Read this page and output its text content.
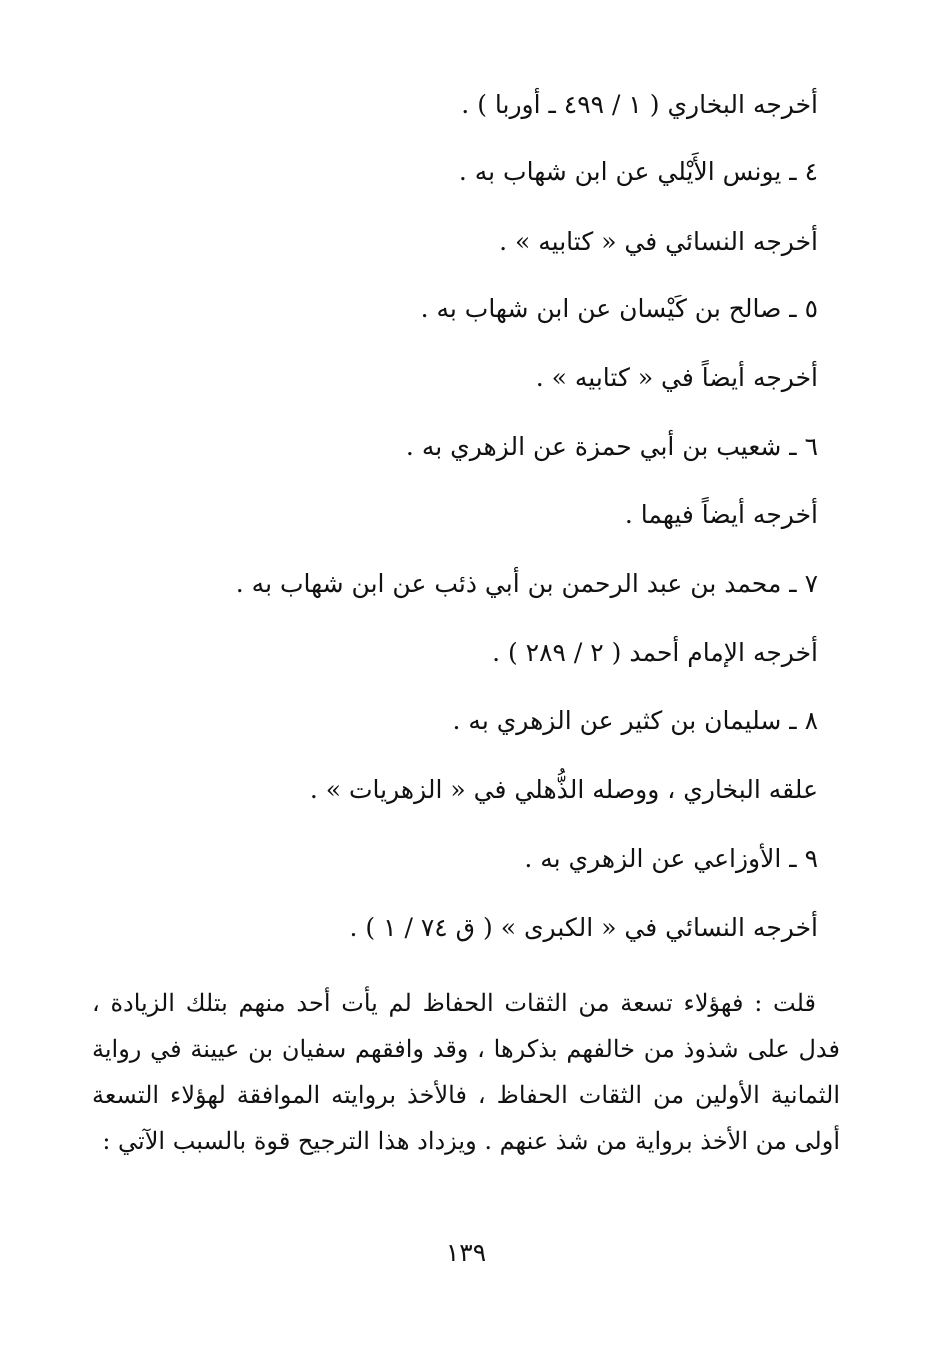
أخرجه البخاري ( ١ / ٤٩٩ ـ أوربا ) .
٤ ـ يونس الأَيْلي عن ابن شهاب به .
أخرجه النسائي في « كتابيه » .
٥ ـ صالح بن كَيْسان عن ابن شهاب به .
أخرجه أيضاً في « كتابيه » .
٦ ـ شعيب بن أبي حمزة عن الزهري به .
أخرجه أيضاً فيهما .
٧ ـ محمد بن عبد الرحمن بن أبي ذئب عن ابن شهاب به .
أخرجه الإمام أحمد ( ٢ / ٢٨٩ ) .
٨ ـ سليمان بن كثير عن الزهري به .
علقه البخاري ، ووصله الذُّهلي في « الزهريات » .
٩ ـ الأوزاعي عن الزهري به .
أخرجه النسائي في « الكبرى » ( ق ٧٤ / ١ ) .

قلت : فهؤلاء تسعة من الثقات الحفاظ لم يأت أحد منهم بتلك الزيادة ، فدل على شذوذ من خالفهم بذكرها ، وقد وافقهم سفيان بن عيينة في رواية الثمانية الأولين من الثقات الحفاظ ، فالأخذ بروايته الموافقة لهؤلاء التسعة أولى من الأخذ برواية من شذ عنهم . ويزداد هذا الترجيح قوة بالسبب الآتي :

١٣٩
